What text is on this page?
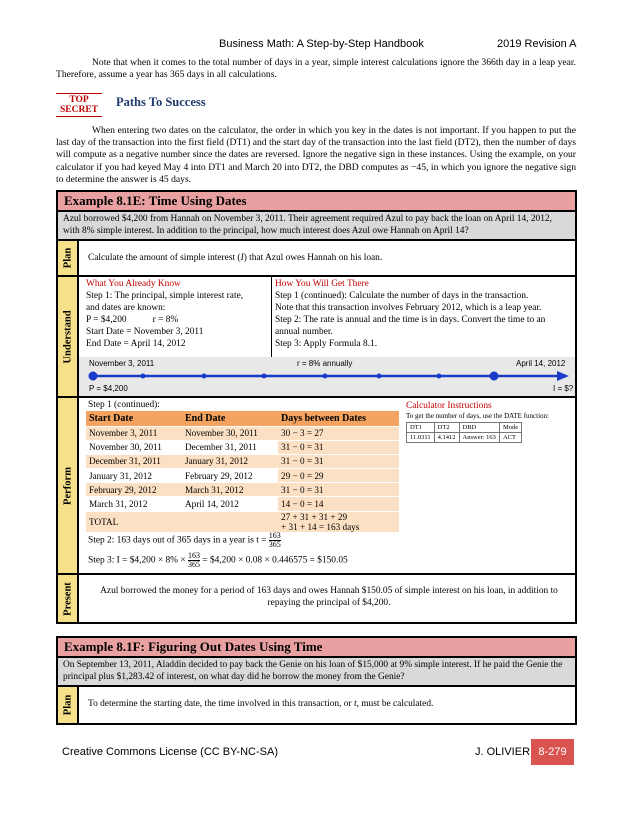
Business Math: A Step-by-Step Handbook	2019 Revision A
Note that when it comes to the total number of days in a year, simple interest calculations ignore the 366th day in a leap year. Therefore, assume a year has 365 days in all calculations.
TOP
SECRET
Paths To Success
When entering two dates on the calculator, the order in which you key in the dates is not important. If you happen to put the last day of the transaction into the first field (DT1) and the start day of the transaction into the last field (DT2), then the number of days will compute as a negative number since the dates are reversed. Ignore the negative sign in these instances. Using the example, on your calculator if you had keyed May 4 into DT1 and March 20 into DT2, the DBD computes as −45, in which you ignore the negative sign to determine the answer is 45 days.
Example 8.1E: Time Using Dates
Azul borrowed $4,200 from Hannah on November 3, 2011. Their agreement required Azul to pay back the loan on April 14, 2012, with 8% simple interest. In addition to the principal, how much interest does Azul owe Hannah on April 14?
Plan Calculate the amount of simple interest (I) that Azul owes Hannah on his loan.
Understand
What You Already Know
Step 1: The principal, simple interest rate,
and dates are known:
P = $4,200	r = 8%
Start Date = November 3, 2011
End Date = April 14, 2012
How You Will Get There
Step 1 (continued): Calculate the number of days in the transaction.
Note that this transaction involves February 2012, which is a leap year.
Step 2: The rate is annual and the time is in days. Convert the time to an
annual number.
Step 3: Apply Formula 8.1.
November 3, 2011	r = 8% annually	April 14, 2012
P = $4,200	I = $?
Perform
Step 1 (continued):
Start Date	End Date	Days between Dates
November 3, 2011	November 30, 2011	30 − 3 = 27
November 30, 2011	December 31, 2011	31 − 0 = 31
December 31, 2011	January 31, 2012	31 − 0 = 31
January 31, 2012	February 29, 2012	29 − 0 = 29
February 29, 2012	March 31, 2012	31 − 0 = 31
March 31, 2012	April 14, 2012	14 − 0 = 14
TOTAL		27 + 31 + 31 + 29
+ 31 + 14 = 163 days
Calculator Instructions
To get the number of days, use the DATE function:
DT1	DT2	DBD	Mode
11.0311	4.1412	Answer: 163	ACT
Step 2: 163 days out of 365 days in a year is $t = \frac{163}{365}$
Step 3: I = $4,200 × $8\% \times \frac{163}{365}$ = $4,200 × 0.08 × 0.446575 = $150.05
Present	Azul borrowed the money for a period of 163 days and owes Hannah $150.05 of simple interest on his loan, in addition to repaying the principal of $4,200.
Example 8.1F: Figuring Out Dates Using Time
On September 13, 2011, Aladdin decided to pay back the Genie on his loan of $15,000 at 9% simple interest. If he paid the Genie the principal plus $1,283.42 of interest, on what day did he borrow the money from the Genie?
Plan To determine the starting date, the time involved in this transaction, or t, must be calculated.
Creative Commons License (CC BY-NC-SA)	J. OLIVIER 8-279
